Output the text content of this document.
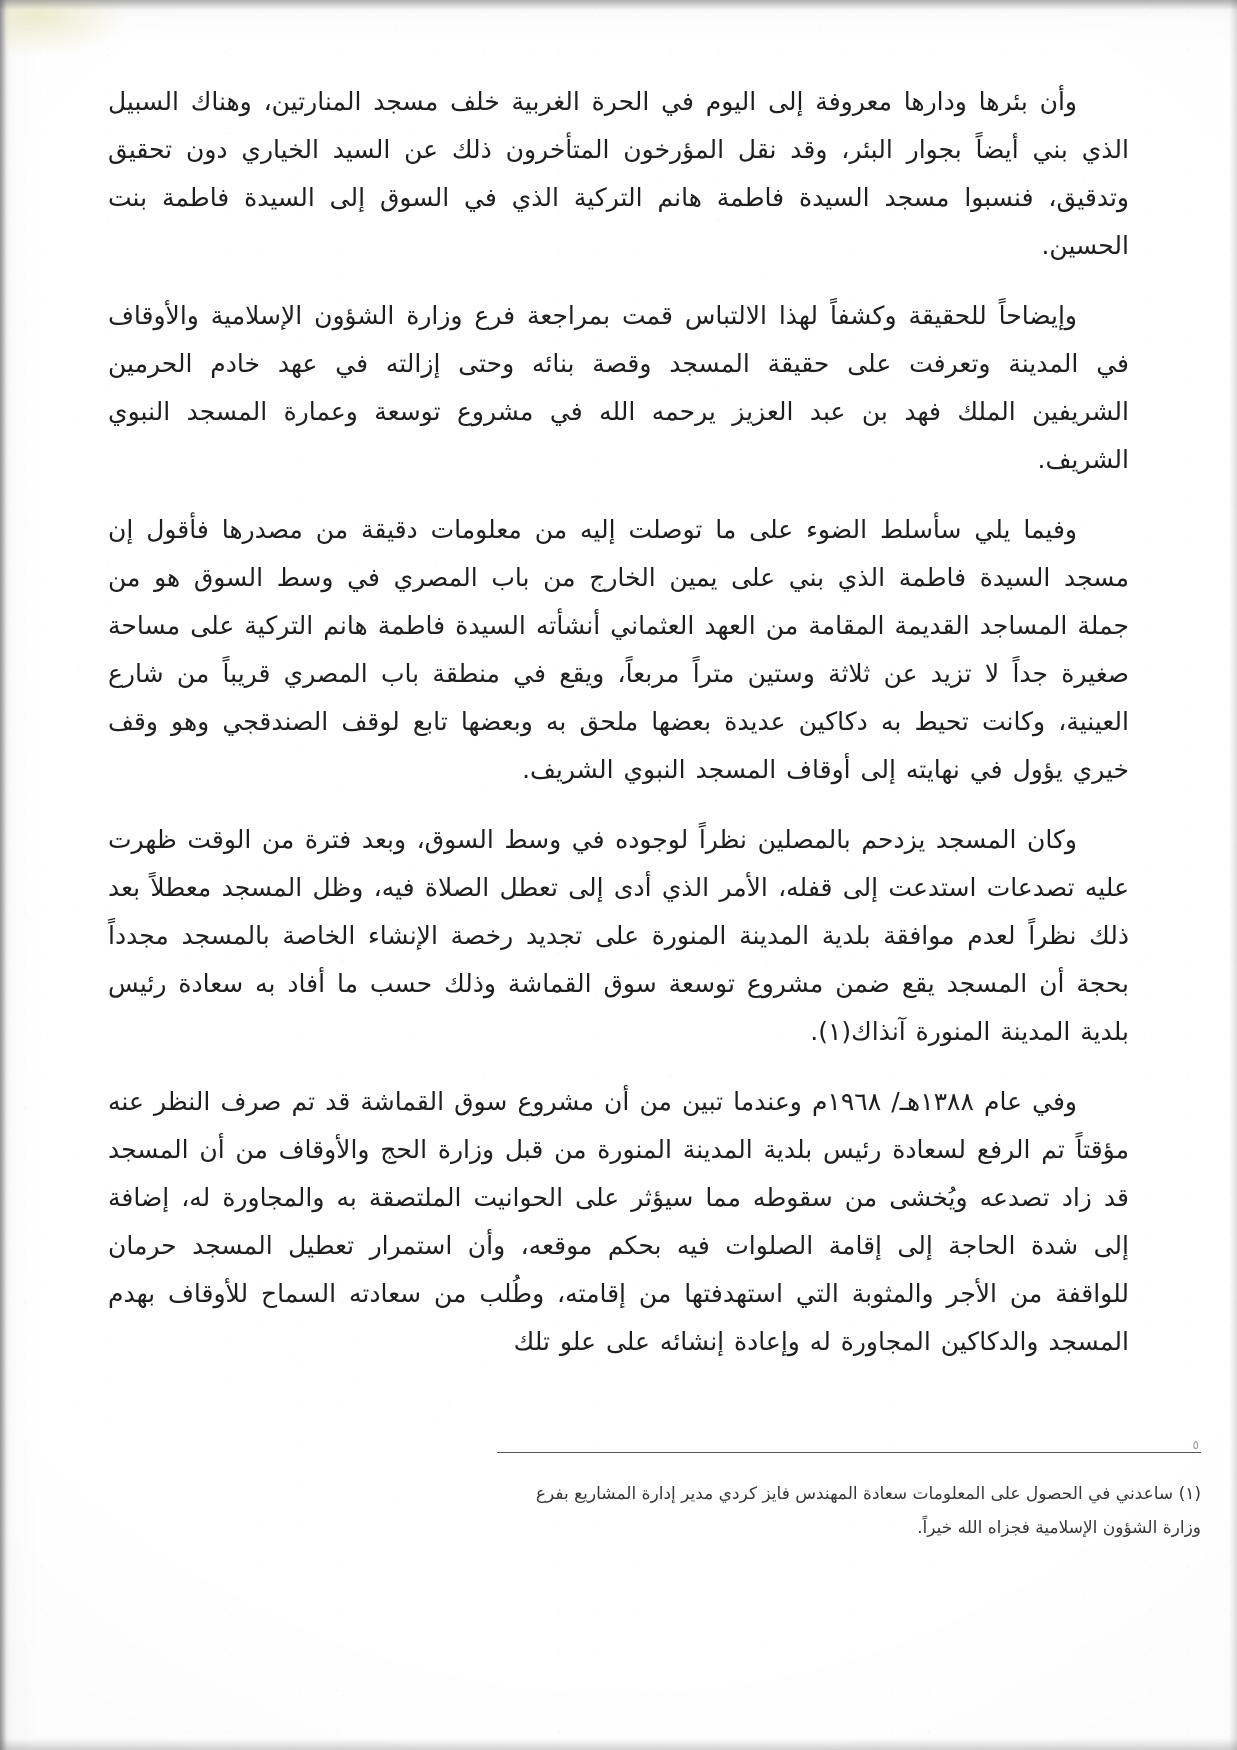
وأن بئرها ودارها معروفة إلى اليوم في الحرة الغربية خلف مسجد المنارتين، وهناك السبيل الذي بني أيضاً بجوار البئر، وقد نقل المؤرخون المتأخرون ذلك عن السيد الخياري دون تحقيق وتدقيق، فنسبوا مسجد السيدة فاطمة هانم التركية الذي في السوق إلى السيدة فاطمة بنت الحسين.

وإيضاحاً للحقيقة وكشفاً لهذا الالتباس قمت بمراجعة فرع وزارة الشؤون الإسلامية والأوقاف في المدينة وتعرفت على حقيقة المسجد وقصة بنائه وحتى إزالته في عهد خادم الحرمين الشريفين الملك فهد بن عبد العزيز يرحمه الله في مشروع توسعة وعمارة المسجد النبوي الشريف.

وفيما يلي سأسلط الضوء على ما توصلت إليه من معلومات دقيقة من مصدرها فأقول إن مسجد السيدة فاطمة الذي بني على يمين الخارج من باب المصري في وسط السوق هو من جملة المساجد القديمة المقامة من العهد العثماني أنشأته السيدة فاطمة هانم التركية على مساحة صغيرة جداً لا تزيد عن ثلاثة وستين متراً مربعاً، ويقع في منطقة باب المصري قريباً من شارع العينية، وكانت تحيط به دكاكين عديدة بعضها ملحق به وبعضها تابع لوقف الصندقجي وهو وقف خيري يؤول في نهايته إلى أوقاف المسجد النبوي الشريف.

وكان المسجد يزدحم بالمصلين نظراً لوجوده في وسط السوق، وبعد فترة من الوقت ظهرت عليه تصدعات استدعت إلى قفله، الأمر الذي أدى إلى تعطل الصلاة فيه، وظل المسجد معطلاً بعد ذلك نظراً لعدم موافقة بلدية المدينة المنورة على تجديد رخصة الإنشاء الخاصة بالمسجد مجدداً بحجة أن المسجد يقع ضمن مشروع توسعة سوق القماشة وذلك حسب ما أفاد به سعادة رئيس بلدية المدينة المنورة آنذاك(١).

وفي عام ١٣٨٨هـ/ ١٩٦٨م وعندما تبين من أن مشروع سوق القماشة قد تم صرف النظر عنه مؤقتاً تم الرفع لسعادة رئيس بلدية المدينة المنورة من قبل وزارة الحج والأوقاف من أن المسجد قد زاد تصدعه ويُخشى من سقوطه مما سيؤثر على الحوانيت الملتصقة به والمجاورة له، إضافة إلى شدة الحاجة إلى إقامة الصلوات فيه بحكم موقعه، وأن استمرار تعطيل المسجد حرمان للواقفة من الأجر والمثوبة التي استهدفتها من إقامته، وطُلب من سعادته السماح للأوقاف بهدم المسجد والدكاكين المجاورة له وإعادة إنشائه على علو تلك

٥
(١) ساعدني في الحصول على المعلومات سعادة المهندس فايز كردي مدير إدارة المشاريع بفرع
وزارة الشؤون الإسلامية فجزاه الله خيراً.
